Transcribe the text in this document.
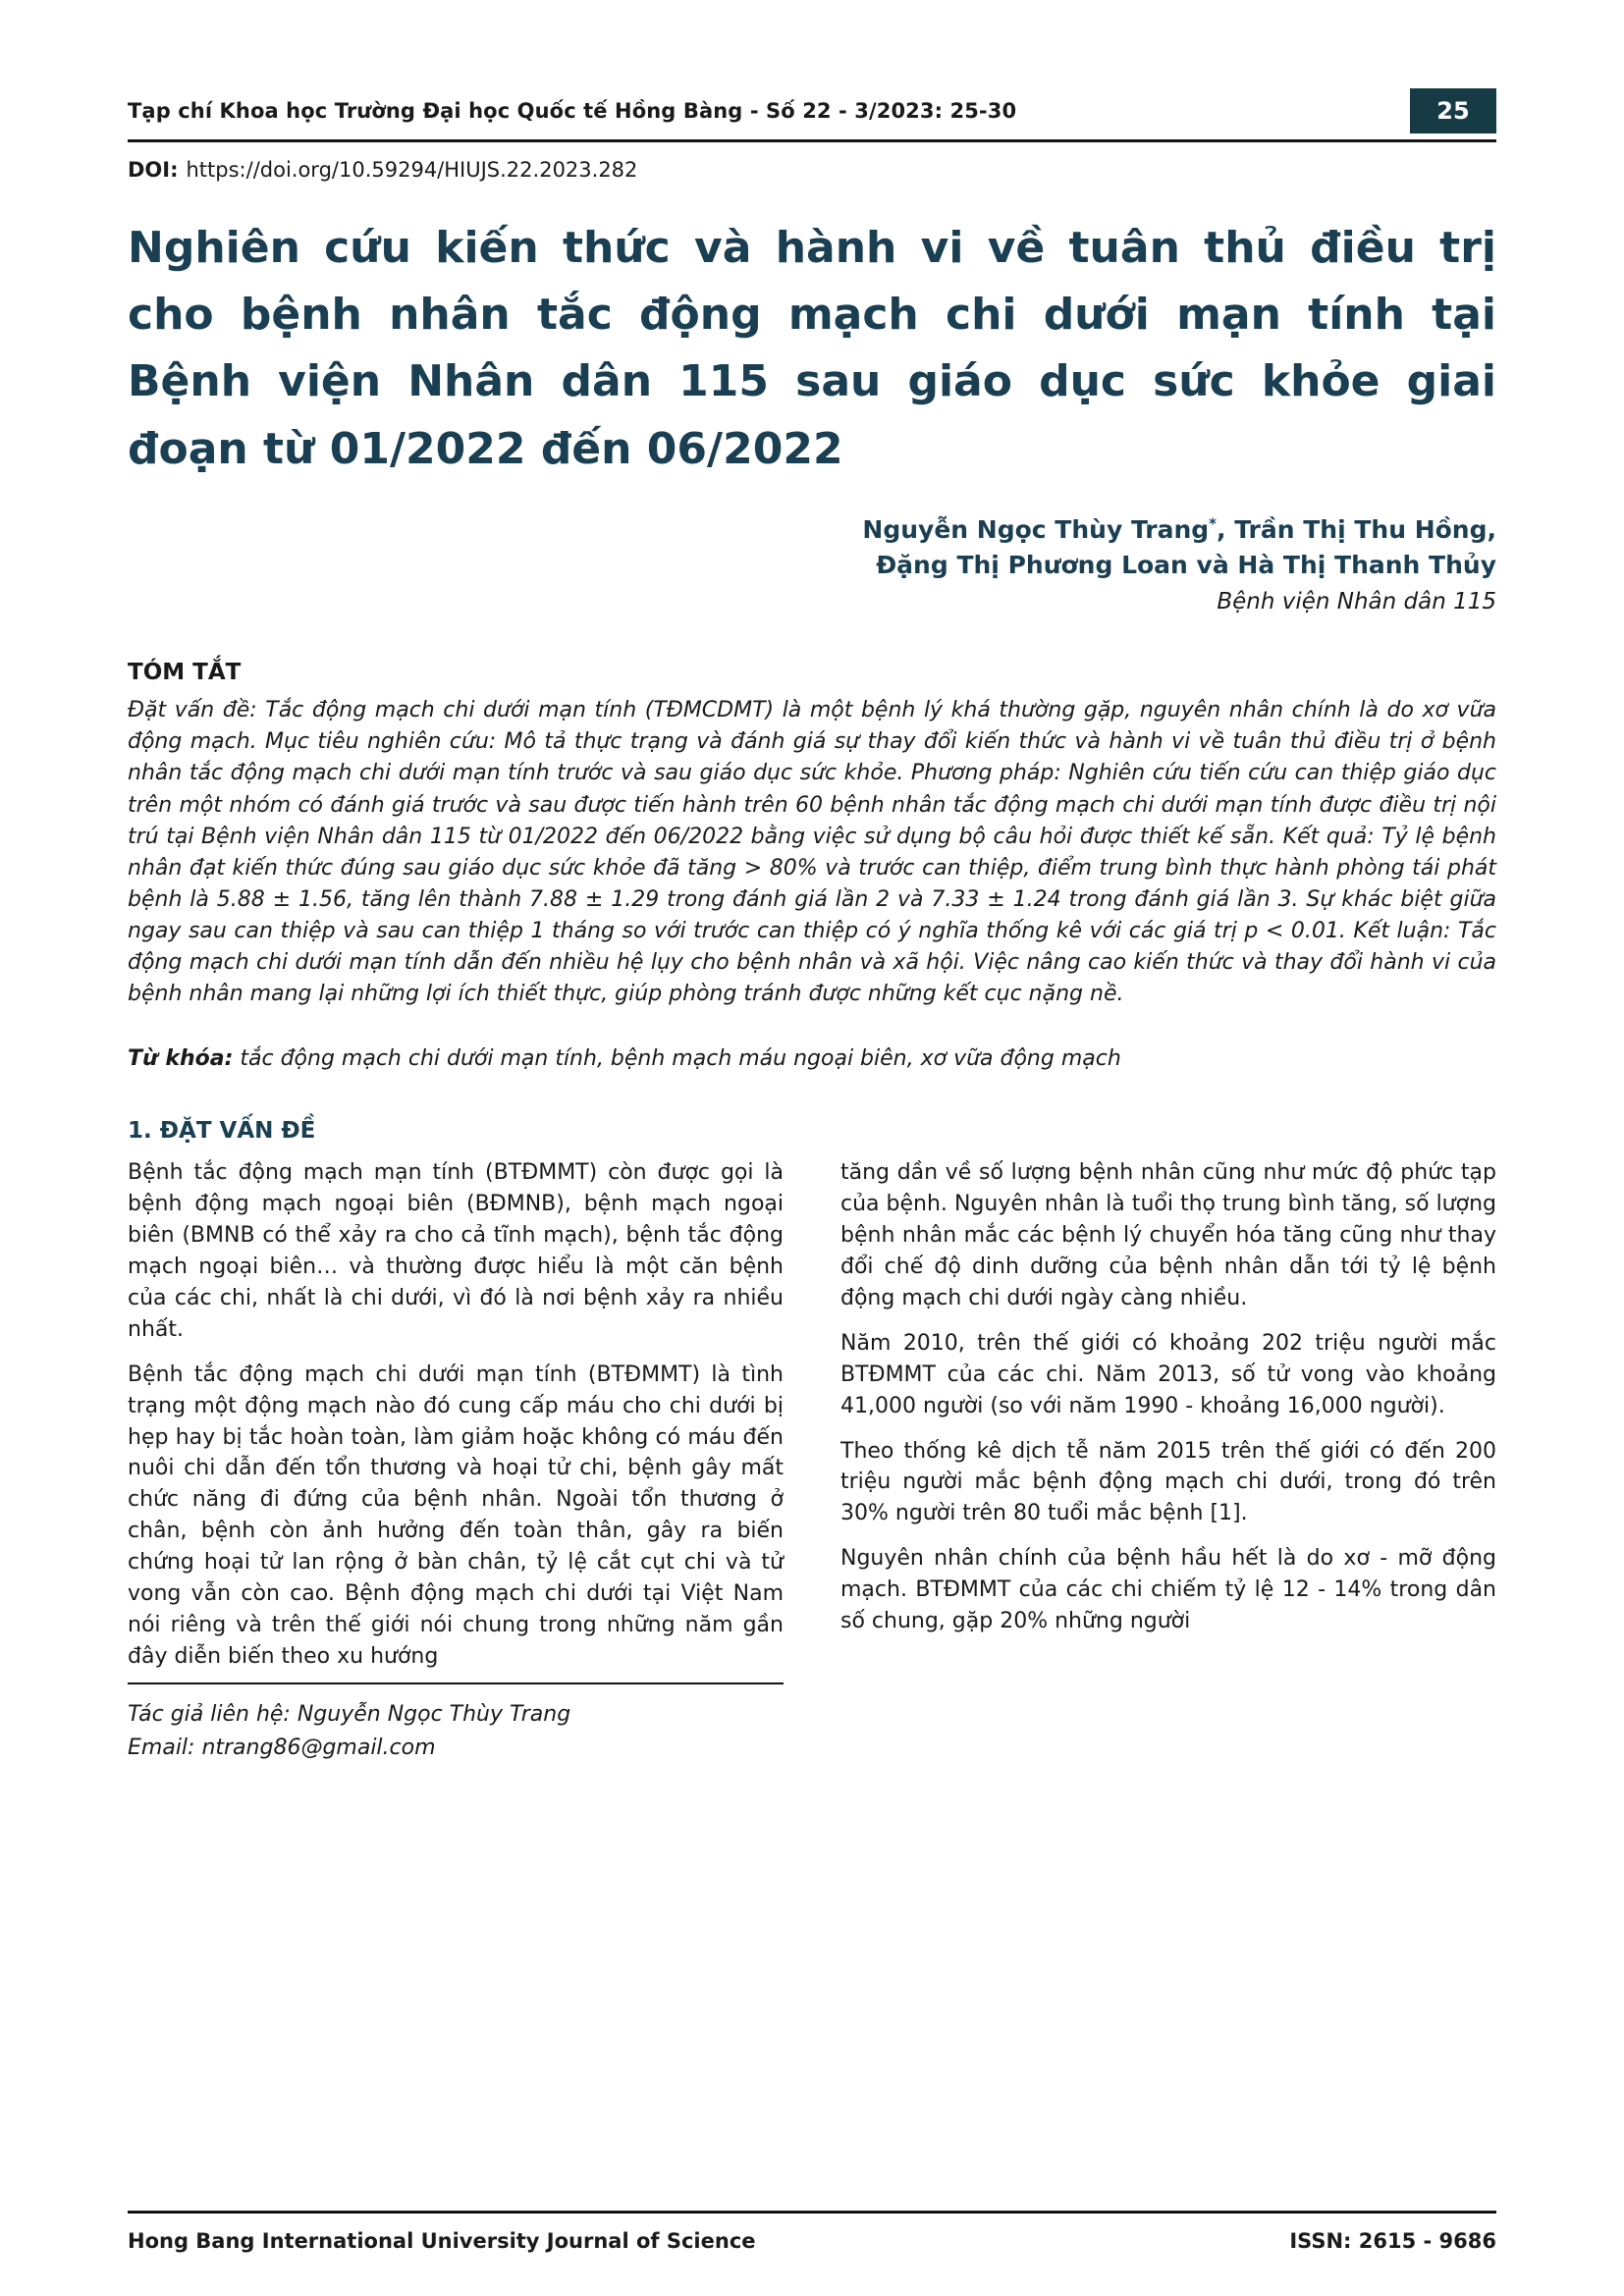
Tạp chí Khoa học Trường Đại học Quốc tế Hồng Bàng - Số 22 - 3/2023: 25-30	25
DOI: https://doi.org/10.59294/HIUJS.22.2023.282
Nghiên cứu kiến thức và hành vi về tuân thủ điều trị cho bệnh nhân tắc động mạch chi dưới mạn tính tại Bệnh viện Nhân dân 115 sau giáo dục sức khỏe giai đoạn từ 01/2022 đến 06/2022
Nguyễn Ngọc Thùy Trang*, Trần Thị Thu Hồng,
Đặng Thị Phương Loan và Hà Thị Thanh Thủy
Bệnh viện Nhân dân 115
TÓM TẮT

Đặt vấn đề: Tắc động mạch chi dưới mạn tính (TĐMCDMT) là một bệnh lý khá thường gặp, nguyên nhân chính là do xơ vữa động mạch. Mục tiêu nghiên cứu: Mô tả thực trạng và đánh giá sự thay đổi kiến thức và hành vi về tuân thủ điều trị ở bệnh nhân tắc động mạch chi dưới mạn tính trước và sau giáo dục sức khỏe. Phương pháp: Nghiên cứu tiến cứu can thiệp giáo dục trên một nhóm có đánh giá trước và sau được tiến hành trên 60 bệnh nhân tắc động mạch chi dưới mạn tính được điều trị nội trú tại Bệnh viện Nhân dân 115 từ 01/2022 đến 06/2022 bằng việc sử dụng bộ câu hỏi được thiết kế sẵn. Kết quả: Tỷ lệ bệnh nhân đạt kiến thức đúng sau giáo dục sức khỏe đã tăng > 80% và trước can thiệp, điểm trung bình thực hành phòng tái phát bệnh là 5.88 ± 1.56, tăng lên thành 7.88 ± 1.29 trong đánh giá lần 2 và 7.33 ± 1.24 trong đánh giá lần 3. Sự khác biệt giữa ngay sau can thiệp và sau can thiệp 1 tháng so với trước can thiệp có ý nghĩa thống kê với các giá trị p < 0.01. Kết luận: Tắc động mạch chi dưới mạn tính dẫn đến nhiều hệ lụy cho bệnh nhân và xã hội. Việc nâng cao kiến thức và thay đổi hành vi của bệnh nhân mang lại những lợi ích thiết thực, giúp phòng tránh được những kết cục nặng nề.

Từ khóa: tắc động mạch chi dưới mạn tính, bệnh mạch máu ngoại biên, xơ vữa động mạch
1. ĐẶT VẤN ĐỀ

Bệnh tắc động mạch mạn tính (BTĐMMT) còn được gọi là bệnh động mạch ngoại biên (BĐMNB), bệnh mạch ngoại biên (BMNB có thể xảy ra cho cả tĩnh mạch), bệnh tắc động mạch ngoại biên… và thường được hiểu là một căn bệnh của các chi, nhất là chi dưới, vì đó là nơi bệnh xảy ra nhiều nhất.

Bệnh tắc động mạch chi dưới mạn tính (BTĐMMT) là tình trạng một động mạch nào đó cung cấp máu cho chi dưới bị hẹp hay bị tắc hoàn toàn, làm giảm hoặc không có máu đến nuôi chi dẫn đến tổn thương và hoại tử chi, bệnh gây mất chức năng đi đứng của bệnh nhân. Ngoài tổn thương ở chân, bệnh còn ảnh hưởng đến toàn thân, gây ra biến chứng hoại tử lan rộng ở bàn chân, tỷ lệ cắt cụt chi và tử vong vẫn còn cao. Bệnh động mạch chi dưới tại Việt Nam nói riêng và trên thế giới nói chung trong những năm gần đây diễn biến theo xu hướng

tăng dần về số lượng bệnh nhân cũng như mức độ phức tạp của bệnh. Nguyên nhân là tuổi thọ trung bình tăng, số lượng bệnh nhân mắc các bệnh lý chuyển hóa tăng cũng như thay đổi chế độ dinh dưỡng của bệnh nhân dẫn tới tỷ lệ bệnh động mạch chi dưới ngày càng nhiều.

Năm 2010, trên thế giới có khoảng 202 triệu người mắc BTĐMMT của các chi. Năm 2013, số tử vong vào khoảng 41,000 người (so với năm 1990 - khoảng 16,000 người).

Theo thống kê dịch tễ năm 2015 trên thế giới có đến 200 triệu người mắc bệnh động mạch chi dưới, trong đó trên 30% người trên 80 tuổi mắc bệnh [1].

Nguyên nhân chính của bệnh hầu hết là do xơ - mỡ động mạch. BTĐMMT của các chi chiếm tỷ lệ 12 - 14% trong dân số chung, gặp 20% những người

Tác giả liên hệ: Nguyễn Ngọc Thùy Trang
Email: ntrang86@gmail.com
Hong Bang International University Journal of Science	ISSN: 2615 - 9686
